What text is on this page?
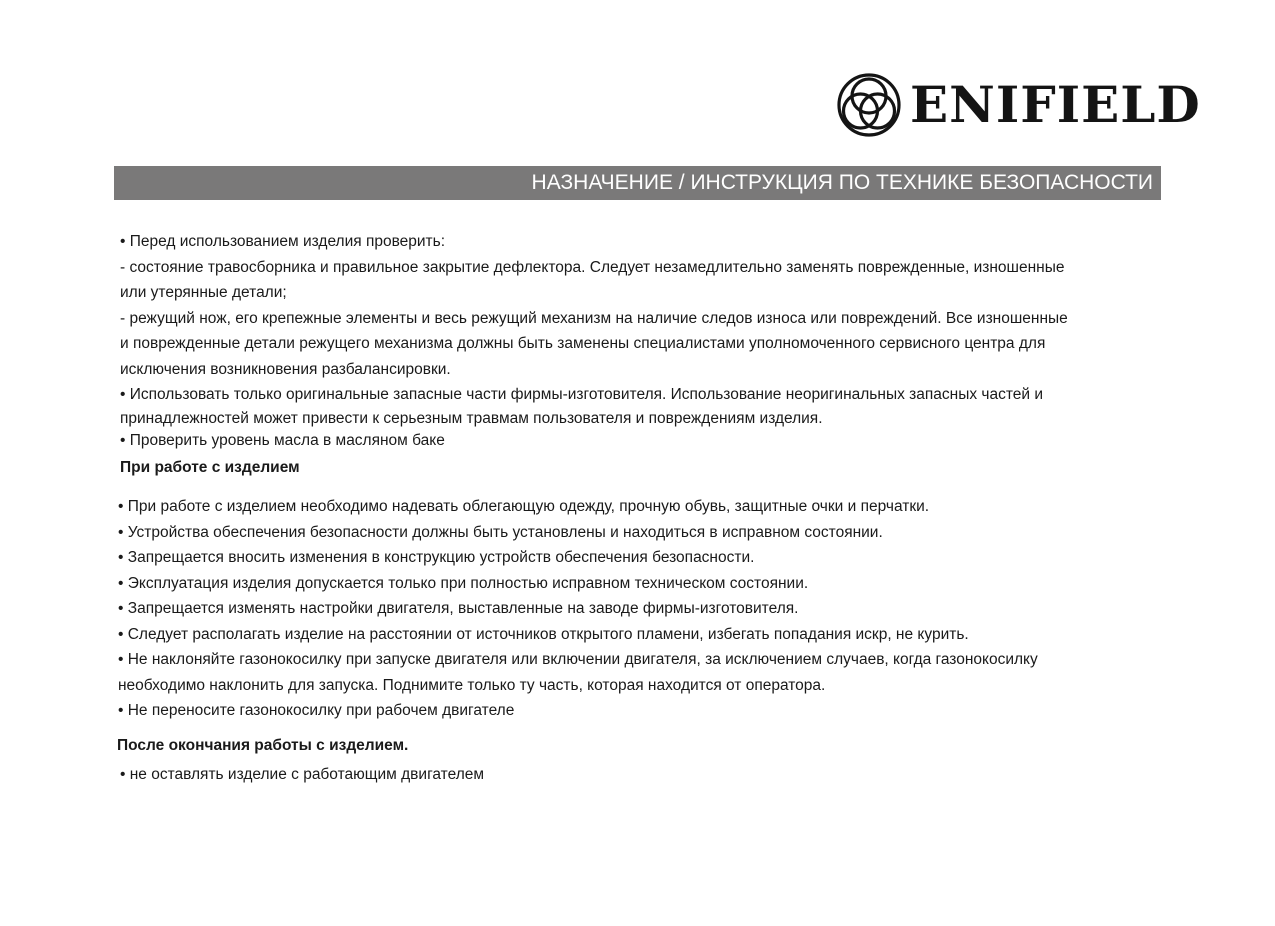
ENIFIELD
НАЗНАЧЕНИЕ / ИНСТРУКЦИЯ ПО ТЕХНИКЕ БЕЗОПАСНОСТИ

• Перед использованием изделия проверить:

- состояние травосборника и правильное закрытие дефлектора. Следует незамедлительно заменять поврежденные, изношенные

или утерянные детали;

- режущий нож, его крепежные элементы и весь режущий механизм на наличие следов износа или повреждений. Все изношенные

и поврежденные детали режущего механизма должны быть заменены специалистами уполномоченного сервисного центра для

исключения возникновения разбалансировки.

• Использовать только оригинальные запасные части фирмы-изготовителя. Использование неоригинальных запасных частей и

принадлежностей может привести к серьезным травмам пользователя и повреждениям изделия.

• Проверить уровень масла в масляном баке

При работе с изделием

• При работе с изделием необходимо надевать облегающую одежду, прочную обувь, защитные очки и перчатки.

• Устройства обеспечения безопасности должны быть установлены и находиться в исправном состоянии.

• Запрещается вносить изменения в конструкцию устройств обеспечения безопасности.

• Эксплуатация изделия допускается только при полностью исправном техническом состоянии.

• Запрещается изменять настройки двигателя, выставленные на заводе фирмы-изготовителя.

• Следует располагать изделие на расстоянии от источников открытого пламени, избегать попадания искр, не курить.

• Не наклоняйте газонокосилку при запуске двигателя или включении двигателя, за исключением случаев, когда газонокосилку

необходимо наклонить для запуска. Поднимите только ту часть, которая находится от оператора.

• Не переносите газонокосилку при рабочем двигателе

После окончания работы с изделием.

• не оставлять изделие с работающим двигателем
